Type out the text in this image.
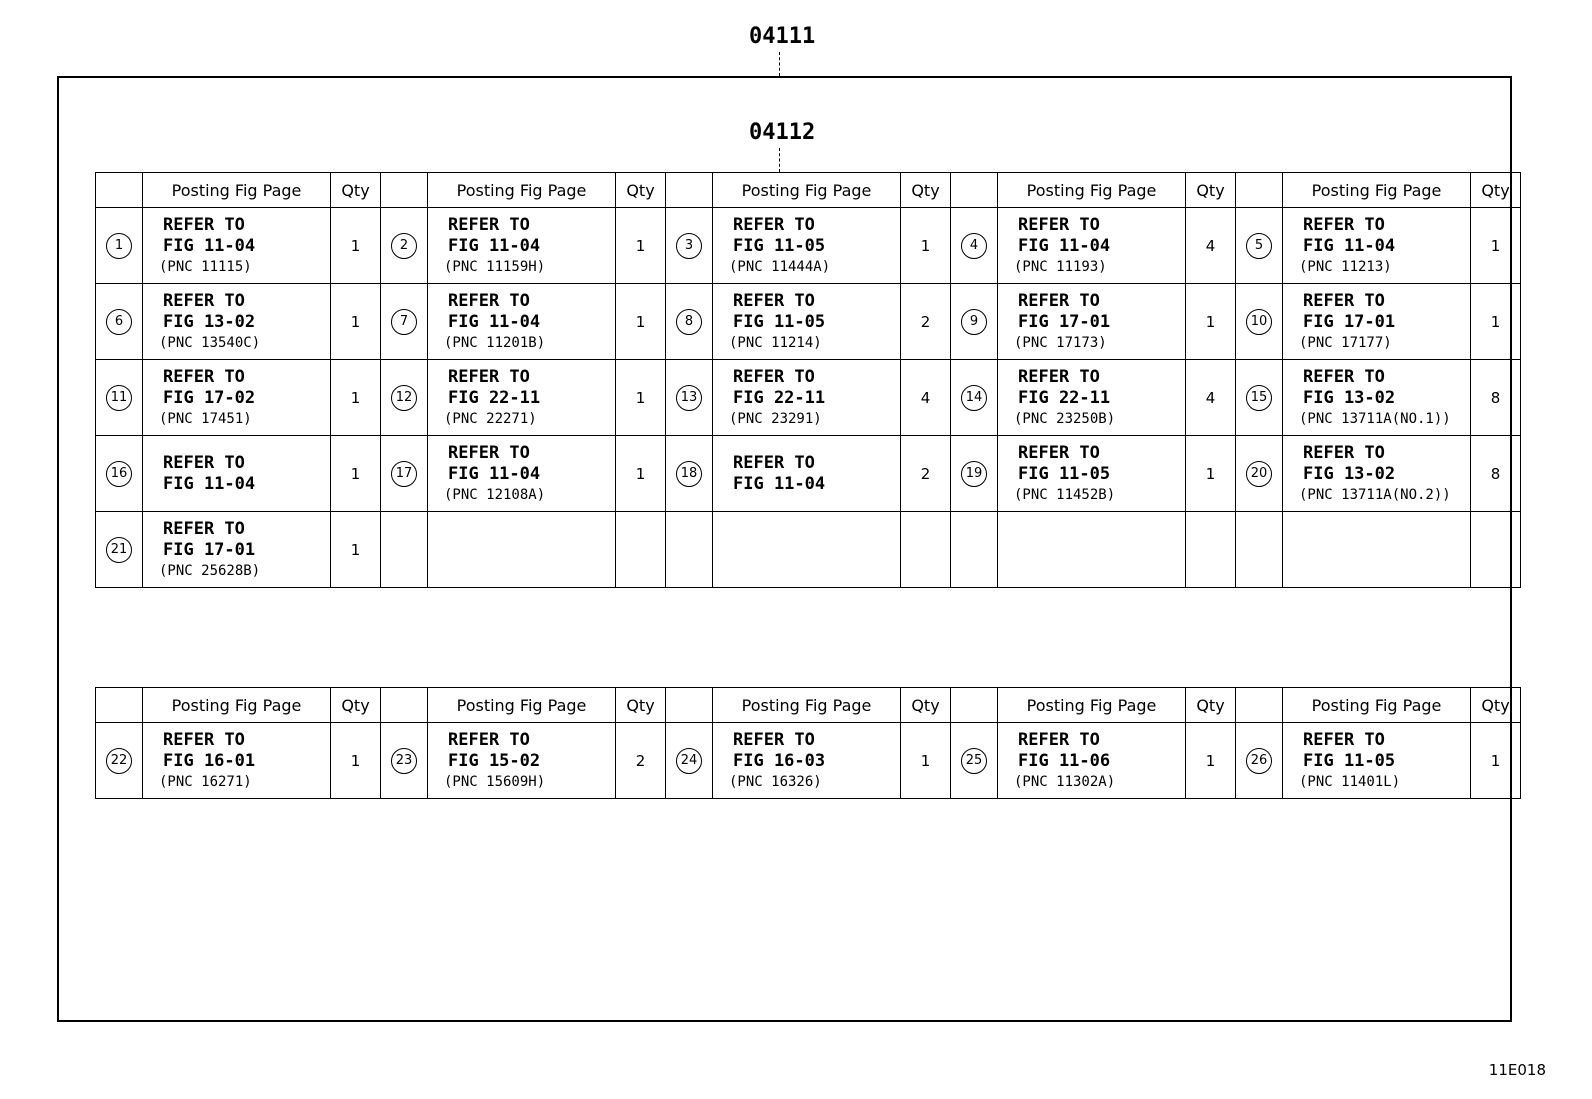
04111
04112
	Posting Fig Page	Qty		Posting Fig Page	Qty		Posting Fig Page	Qty		Posting Fig Page	Qty		Posting Fig Page	Qty
1	REFER TO
FIG 11-04
(PNC 11115)	1	2	REFER TO
FIG 11-04
(PNC 11159H)	1	3	REFER TO
FIG 11-05
(PNC 11444A)	1	4	REFER TO
FIG 11-04
(PNC 11193)	4	5	REFER TO
FIG 11-04
(PNC 11213)	1
6	REFER TO
FIG 13-02
(PNC 13540C)	1	7	REFER TO
FIG 11-04
(PNC 11201B)	1	8	REFER TO
FIG 11-05
(PNC 11214)	2	9	REFER TO
FIG 17-01
(PNC 17173)	1	10	REFER TO
FIG 17-01
(PNC 17177)	1
11	REFER TO
FIG 17-02
(PNC 17451)	1	12	REFER TO
FIG 22-11
(PNC 22271)	1	13	REFER TO
FIG 22-11
(PNC 23291)	4	14	REFER TO
FIG 22-11
(PNC 23250B)	4	15	REFER TO
FIG 13-02
(PNC 13711A(NO.1))	8
16	REFER TO
FIG 11-04	1	17	REFER TO
FIG 11-04
(PNC 12108A)	1	18	REFER TO
FIG 11-04	2	19	REFER TO
FIG 11-05
(PNC 11452B)	1	20	REFER TO
FIG 13-02
(PNC 13711A(NO.2))	8
21	REFER TO
FIG 17-01
(PNC 25628B)	1												
	Posting Fig Page	Qty		Posting Fig Page	Qty		Posting Fig Page	Qty		Posting Fig Page	Qty		Posting Fig Page	Qty
22	REFER TO
FIG 16-01
(PNC 16271)	1	23	REFER TO
FIG 15-02
(PNC 15609H)	2	24	REFER TO
FIG 16-03
(PNC 16326)	1	25	REFER TO
FIG 11-06
(PNC 11302A)	1	26	REFER TO
FIG 11-05
(PNC 11401L)	1
11E018
